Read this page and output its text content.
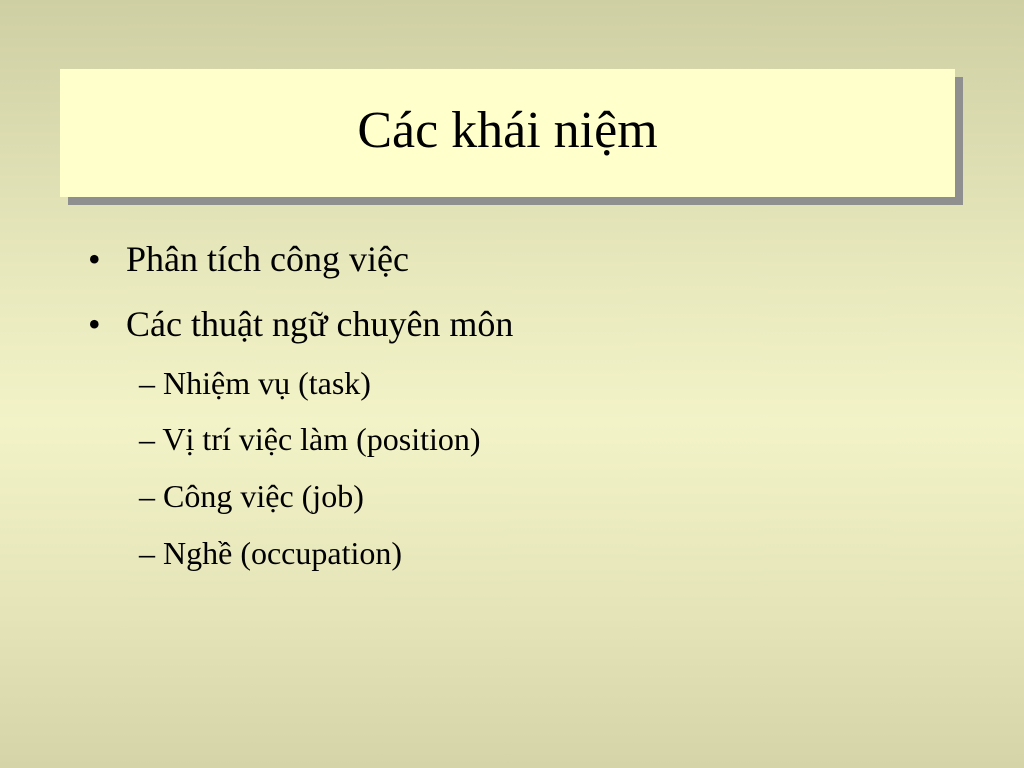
Các khái niệm
• Phân tích công việc
• Các thuật ngữ chuyên môn
– Nhiệm vụ (task)
– Vị trí việc làm (position)
– Công việc (job)
– Nghề (occupation)
